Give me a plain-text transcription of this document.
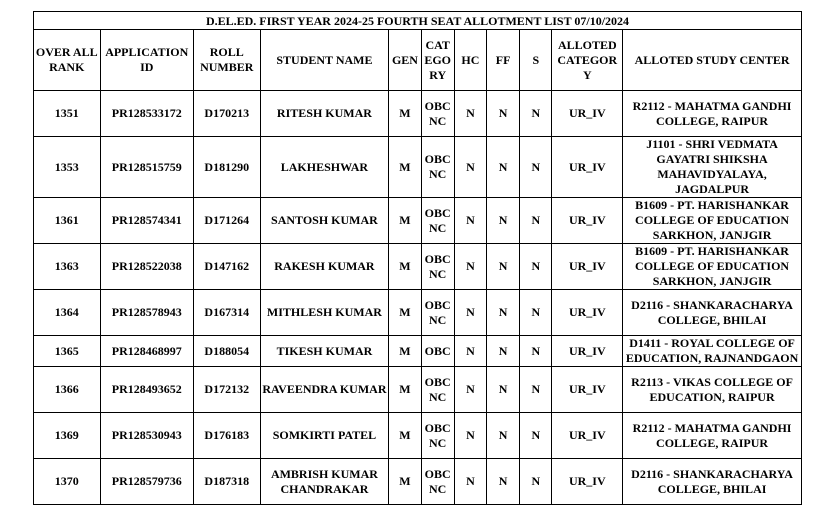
D.EL.ED. FIRST YEAR 2024-25 FOURTH SEAT ALLOTMENT LIST 07/10/2024										
OVER ALL RANK	APPLICATION ID	ROLL NUMBER	STUDENT NAME	GEN	CAT EGO RY	HC	FF	S	ALLOTED CATEGOR Y	ALLOTED STUDY CENTER
1351	PR128533172	D170213	RITESH KUMAR	M	OBC NC	N	N	N	UR_IV	R2112 - MAHATMA GANDHI COLLEGE, RAIPUR
1353	PR128515759	D181290	LAKHESHWAR	M	OBC NC	N	N	N	UR_IV	J1101 - SHRI VEDMATA GAYATRI SHIKSHA MAHAVIDYALAYA, JAGDALPUR
1361	PR128574341	D171264	SANTOSH KUMAR	M	OBC NC	N	N	N	UR_IV	B1609 - PT. HARISHANKAR COLLEGE OF EDUCATION SARKHON, JANJGIR
1363	PR128522038	D147162	RAKESH KUMAR	M	OBC NC	N	N	N	UR_IV	B1609 - PT. HARISHANKAR COLLEGE OF EDUCATION SARKHON, JANJGIR
1364	PR128578943	D167314	MITHLESH KUMAR	M	OBC NC	N	N	N	UR_IV	D2116 - SHANKARACHARYA COLLEGE, BHILAI
1365	PR128468997	D188054	TIKESH KUMAR	M	OBC	N	N	N	UR_IV	D1411 - ROYAL COLLEGE OF EDUCATION, RAJNANDGAON
1366	PR128493652	D172132	RAVEENDRA KUMAR	M	OBC NC	N	N	N	UR_IV	R2113 - VIKAS COLLEGE OF EDUCATION, RAIPUR
1369	PR128530943	D176183	SOMKIRTI PATEL	M	OBC NC	N	N	N	UR_IV	R2112 - MAHATMA GANDHI COLLEGE, RAIPUR
1370	PR128579736	D187318	AMBRISH KUMAR CHANDRAKAR	M	OBC NC	N	N	N	UR_IV	D2116 - SHANKARACHARYA COLLEGE, BHILAI
